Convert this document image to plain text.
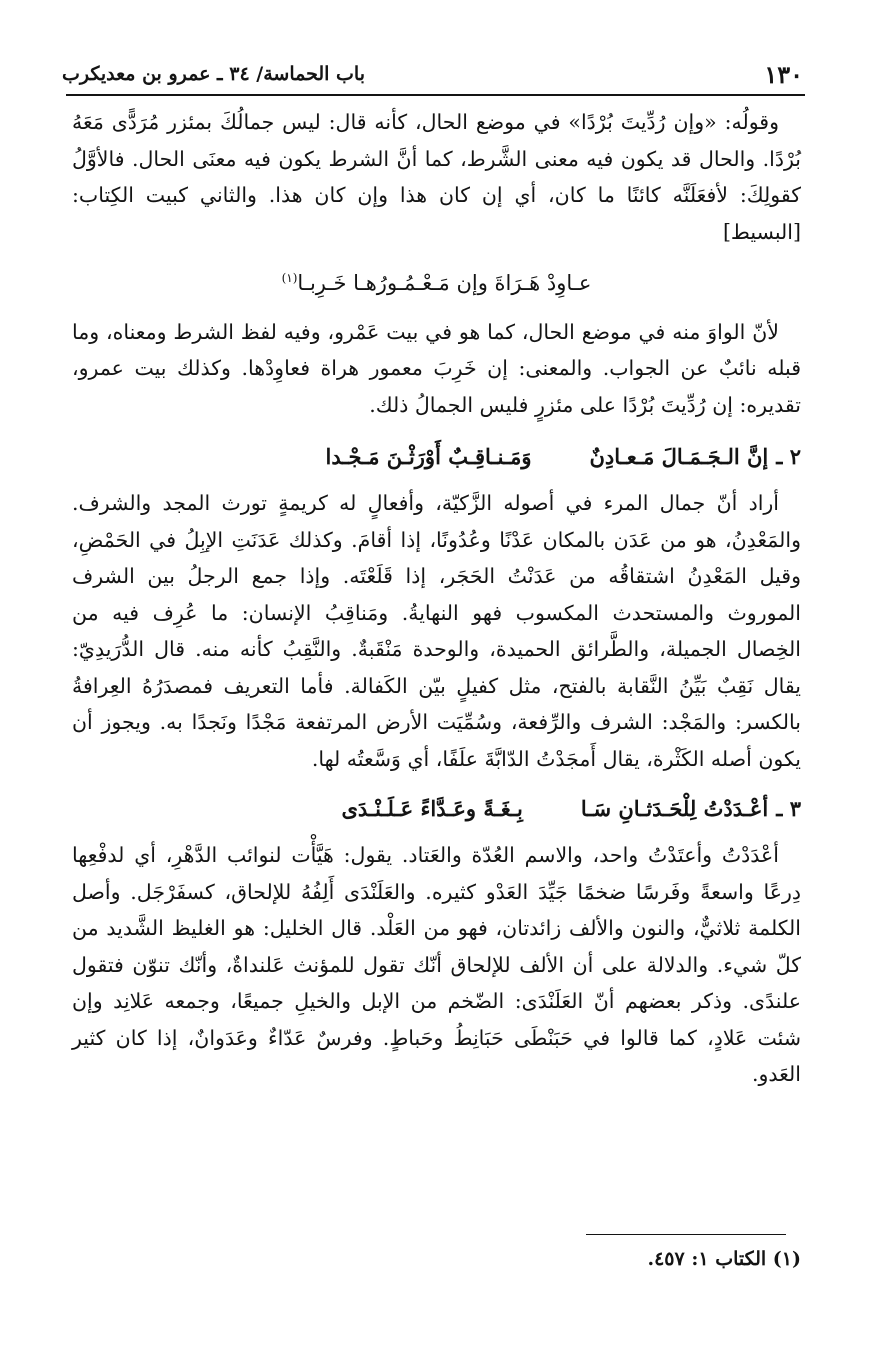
١٣٠
باب الحماسة/ ٣٤ ـ عمرو بن معديكرب

وقولُه: «وإن رُدِّيتَ بُرْدًا» في موضع الحال، كأنه قال: ليس جمالُكَ بمئزر مُرَدًّى مَعَهُ بُرْدًا. والحال قد يكون فيه معنى الشَّرط، كما أنَّ الشرط يكون فيه معنَى الحال. فالأوَّلُ كقولِكَ: لأفعَلَنَّه كائنًا ما كان، أي إن كان هذا وإن كان هذا. والثاني كبيت الكِتاب: [البسيط]

عـاوِدْ هَـرَاةَ وإن مَـعْـمُـورُهـا خَـرِبـا$^{(١)}$

لأنّ الواوَ منه في موضع الحال، كما هو في بيت عَمْرو، وفيه لفظ الشرط ومعناه، وما قبله نائبٌ عن الجواب. والمعنى: إن خَرِبَ معمور هراة فعاوِدْها. وكذلك بيت عمرو، تقديره: إن رُدِّيتَ بُرْدًا على مئزرٍ فليس الجمالُ ذلك.

٢ ـ
إنَّ الـجَـمَـالَ مَـعـادِنٌ
وَمَـنـاقِـبٌ أَوْرَثْـنَ مَـجْـدا

أراد أنّ جمال المرء في أصوله الزَّكيّة، وأفعالٍ له كريمةٍ تورث المجد والشرف. والمَعْدِنُ، هو من عَدَن بالمكان عَدْنًا وعُدُونًا، إذا أقامَ. وكذلك عَدَنَتِ الإبِلُ في الحَمْضِ، وقيل المَعْدِنُ اشتقاقُه من عَدَنْتُ الحَجَر، إذا قَلَعْتَه. وإذا جمع الرجلُ بين الشرف الموروث والمستحدث المكسوب فهو النهايةُ. ومَناقِبُ الإنسان: ما عُرِف فيه من الخِصال الجميلة، والطَّرائق الحميدة، والوحدة مَنْقَبةٌ. والنَّقِبُ كأنه منه. قال الدُّرَيدِيّ: يقال نَقِبٌ بَيِّنُ النَّقابة بالفتح، مثل كفيلٍ بيّن الكَفالة. فأما التعريف فمصدَرُهُ العِرافةُ بالكسر: والمَجْد: الشرف والرِّفعة، وسُمِّيَت الأرض المرتفعة مَجْدًا ونَجدًا به. ويجوز أن يكون أصله الكَثْرة، يقال أَمجَدْتُ الدّابَّةَ علَفًا، أي وَسَّعتُه لها.

٣ ـ
أعْـدَدْتُ لِلْحَـدَثـانِ سَـا
بِـغَـةً وعَـدَّاءً عَـلَـنْـدَى

أعْدَدْتُ وأعتَدْتُ واحد، والاسم العُدّة والعَتاد. يقول: هَيَّأْت لنوائب الدَّهْرِ، أي لدفْعِها دِرعًا واسعةً وفَرسًا ضخمًا جَيِّدَ العَدْو كثيره. والعَلَنْدَى أَلِفُهُ للإلحاق، كسفَرْجَل. وأصل الكلمة ثلاثيٌّ، والنون والألف زائدتان، فهو من العَلْد. قال الخليل: هو الغليظ الشَّديد من كلّ شيء. والدلالة على أن الألف للإلحاق أنّك تقول للمؤنث عَلنداةٌ، وأنّك تنوّن فتقول علندًى. وذكر بعضهم أنّ العَلَنْدَى: الضّخم من الإبل والخيلِ جميعًا، وجمعه عَلانِد وإن شئت عَلادٍ، كما قالوا في حَبَنْطَى حَبَانِطُ وحَباطٍ. وفرسٌ عَدّاءٌ وعَدَوانٌ، إذا كان كثير العَدو.

(١) الكتاب ١: ٤٥٧.
